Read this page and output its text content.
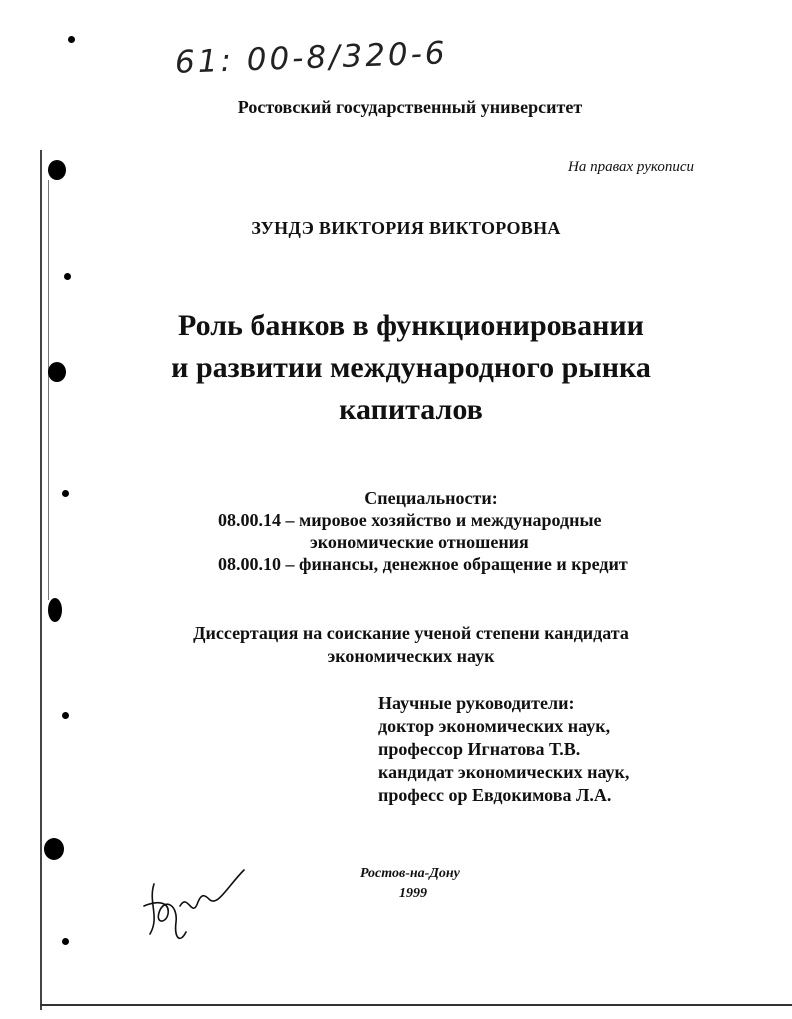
61: 00-8/320-6
Ростовский государственный университет
На правах рукописи
ЗУНДЭ ВИКТОРИЯ ВИКТОРОВНА
Роль банков в функционировании
и развитии международного рынка
капиталов
Специальности:
08.00.14 – мировое хозяйство и международные
экономические отношения
08.00.10 – финансы, денежное обращение и кредит
Диссертация на соискание ученой степени кандидата
экономических наук
Научные руководители:
доктор экономических наук,
профессор Игнатова Т.В.
кандидат экономических наук,
професс ор Евдокимова Л.А.
Ростов-на-Дону
1999
